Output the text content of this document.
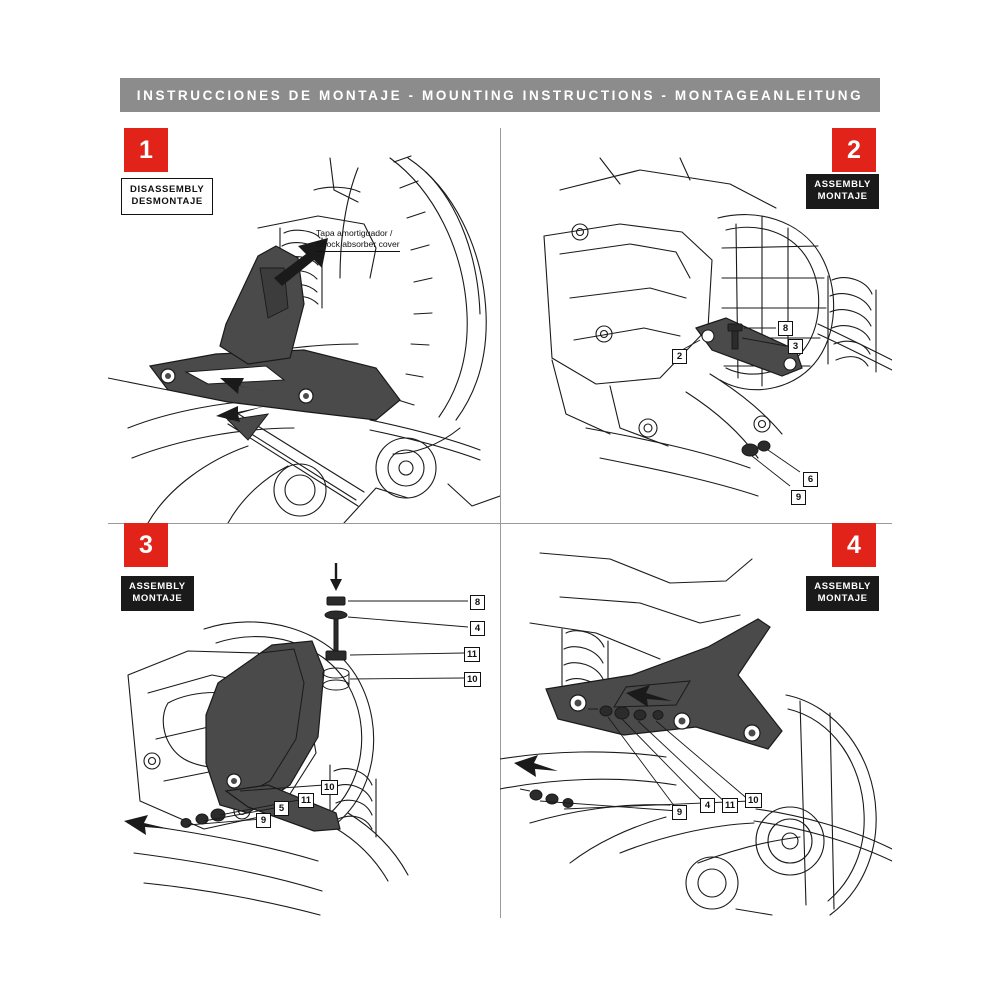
INSTRUCCIONES DE MONTAJE - MOUNTING INSTRUCTIONS - MONTAGEANLEITUNG
1
DISASSEMBLY
DESMONTAJE
Tapa amortiguador /
Shock absorber cover
2
ASSEMBLY
MONTAJE
8
3
2
6
9
3
ASSEMBLY
MONTAJE	8
4
11
10
10
11
5
9
4
ASSEMBLY
MONTAJE
10
11
4
9
